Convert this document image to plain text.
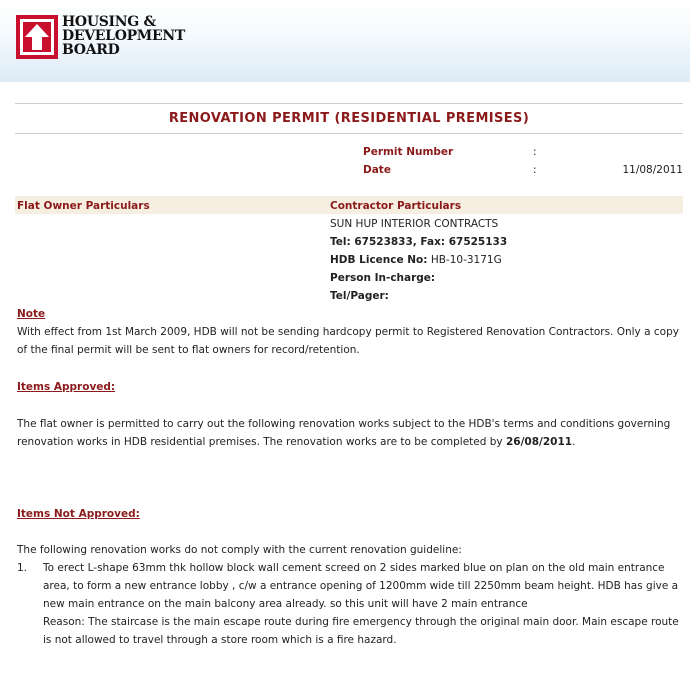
HOUSING &
DEVELOPMENT
BOARD
RENOVATION PERMIT (RESIDENTIAL PREMISES)
Permit Number	:
Date	:	11/08/2011
Flat Owner Particulars	Contractor Particulars
SUN HUP INTERIOR CONTRACTS
Tel: 67523833, Fax: 67525133
HDB Licence No: HB-10-3171G
Person In-charge:
Tel/Pager:
Note
With effect from 1st March 2009, HDB will not be sending hardcopy permit to Registered Renovation Contractors. Only a copy
of the final permit will be sent to flat owners for record/retention.
Items Approved:
The flat owner is permitted to carry out the following renovation works subject to the HDB's terms and conditions governing
renovation works in HDB residential premises. The renovation works are to be completed by 26/08/2011.
Items Not Approved:
The following renovation works do not comply with the current renovation guideline:
1. To erect L-shape 63mm thk hollow block wall cement screed on 2 sides marked blue on plan on the old main entrance
area, to form a new entrance lobby , c/w a entrance opening of 1200mm wide till 2250mm beam height. HDB has give a
new main entrance on the main balcony area already. so this unit will have 2 main entrance
Reason: The staircase is the main escape route during fire emergency through the original main door. Main escape route
is not allowed to travel through a store room which is a fire hazard.
